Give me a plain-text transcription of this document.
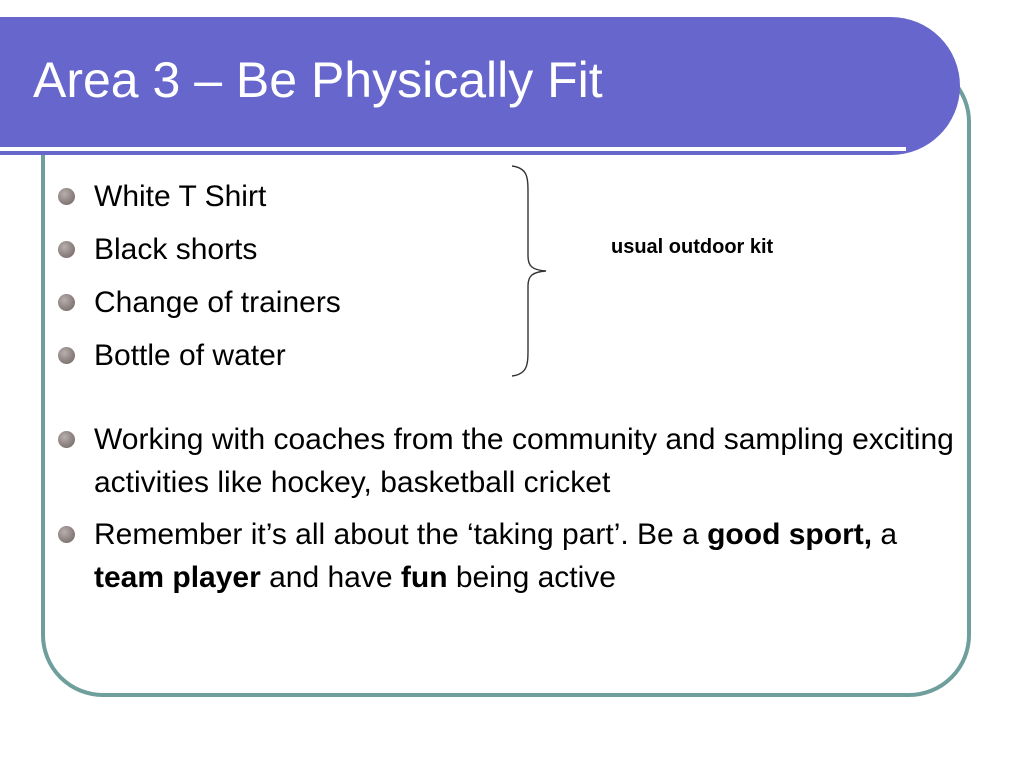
Area 3 – Be Physically Fit
White T Shirt
Black shorts
Change of trainers
Bottle of water
usual outdoor kit
Working with coaches from the community and sampling exciting activities like hockey, basketball cricket
Remember it’s all about the ‘taking part’. Be a good sport, a team player and have fun being active
